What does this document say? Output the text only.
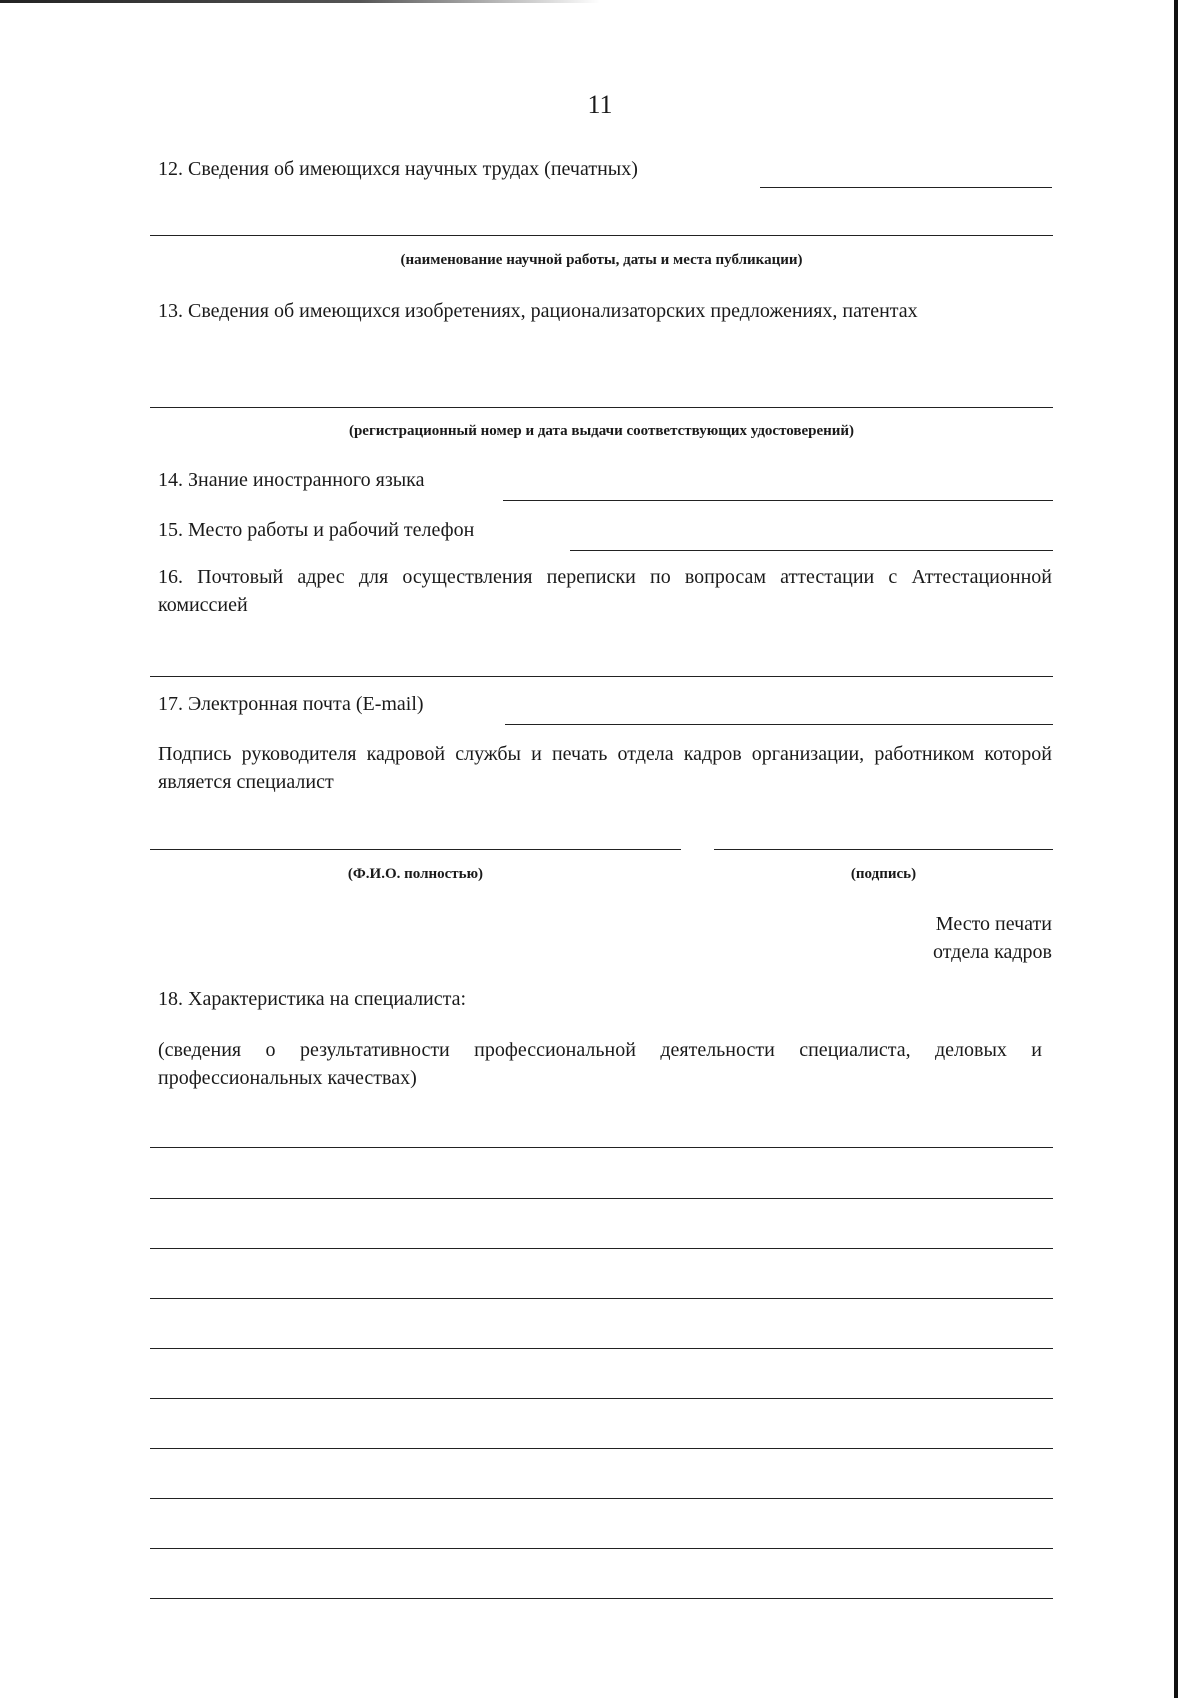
11
12. Сведения об имеющихся научных трудах (печатных)
(наименование научной работы, даты и места публикации)
13. Сведения об имеющихся изобретениях, рационализаторских предложениях, патентах
(регистрационный номер и дата выдачи соответствующих удостоверений)
14. Знание иностранного языка
15. Место работы и рабочий телефон
16. Почтовый адрес для осуществления переписки по вопросам аттестации с Аттестационной комиссией
17. Электронная почта (E-mail)
Подпись руководителя кадровой службы и печать отдела кадров организации, работником которой является специалист
(Ф.И.О. полностью)	(подпись)
Место печати
отдела кадров
18. Характеристика на специалиста:
(сведения о результативности профессиональной деятельности специалиста, деловых и профессиональных качествах)
